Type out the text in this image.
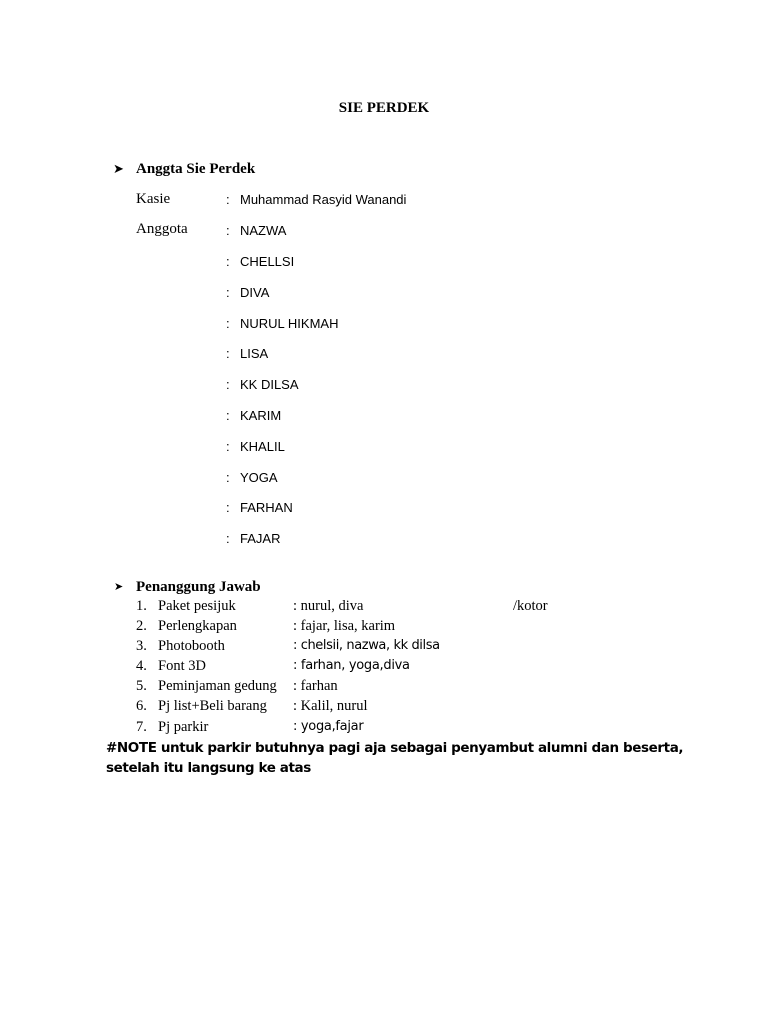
SIE PERDEK
➤ Anggta Sie Perdek
Kasie	: Muhammad Rasyid Wanandi
Anggota	: NAZWA
: CHELLSI
: DIVA
: NURUL HIKMAH
: LISA
: KK DILSA
: KARIM
: KHALIL
: YOGA
: FARHAN
: FAJAR
➤ Penanggung Jawab
1. Paket pesijuk	: nurul, diva	/kotor
2. Perlengkapan	: fajar, lisa, karim
3. Photobooth	: chelsii, nazwa, kk dilsa
4. Font 3D	: farhan, yoga,diva
5. Peminjaman gedung : farhan
6. Pj list+Beli barang : Kalil, nurul
7. Pj parkir	: yoga,fajar
#NOTE untuk parkir butuhnya pagi aja sebagai penyambut alumni dan beserta, setelah itu langsung ke atas
